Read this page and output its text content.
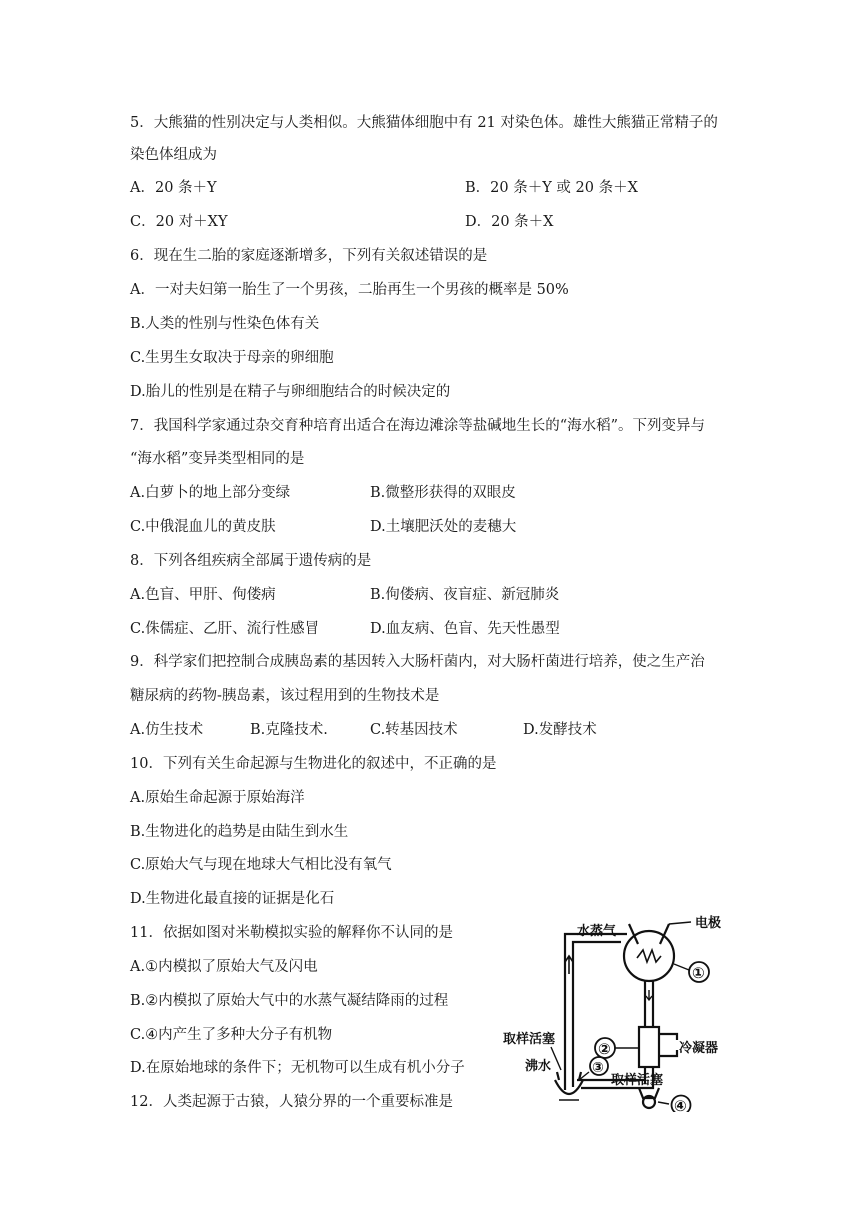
5．大熊猫的性别决定与人类相似。大熊猫体细胞中有 21 对染色体。雄性大熊猫正常精子的
染色体组成为
A．20 条＋Y	B．20 条＋Y 或 20 条＋X
C．20 对＋XY	D．20 条＋X
6．现在生二胎的家庭逐渐增多，下列有关叙述错误的是
A．一对夫妇第一胎生了一个男孩，二胎再生一个男孩的概率是 50%
B.人类的性别与性染色体有关
C.生男生女取决于母亲的卵细胞
D.胎儿的性别是在精子与卵细胞结合的时候决定的
7．我国科学家通过杂交育种培育出适合在海边滩涂等盐碱地生长的“海水稻”。下列变异与
“海水稻”变异类型相同的是
A.白萝卜的地上部分变绿	B.微整形获得的双眼皮
C.中俄混血儿的黄皮肤	D.土壤肥沃处的麦穗大
8．下列各组疾病全部属于遗传病的是
A.色盲、甲肝、佝偻病	B.佝偻病、夜盲症、新冠肺炎
C.侏儒症、乙肝、流行性感冒	D.血友病、色盲、先天性愚型
9．科学家们把控制合成胰岛素的基因转入大肠杆菌内，对大肠杆菌进行培养，使之生产治
糖尿病的药物-胰岛素，该过程用到的生物技术是
A.仿生技术	B.克隆技术.	C.转基因技术	D.发酵技术
10．下列有关生命起源与生物进化的叙述中，不正确的是
A.原始生命起源于原始海洋
B.生物进化的趋势是由陆生到水生
C.原始大气与现在地球大气相比没有氧气
D.生物进化最直接的证据是化石
11．依据如图对米勒模拟实验的解释你不认同的是
A.①内模拟了原始大气及闪电
B.②内模拟了原始大气中的水蒸气凝结降雨的过程
C.④内产生了多种大分子有机物
D.在原始地球的条件下；无机物可以生成有机小分子
12．人类起源于古猿，人猿分界的一个重要标准是
水蒸气
电极
冷凝器
取样活塞
取样活塞
沸水
①
②
③
④
